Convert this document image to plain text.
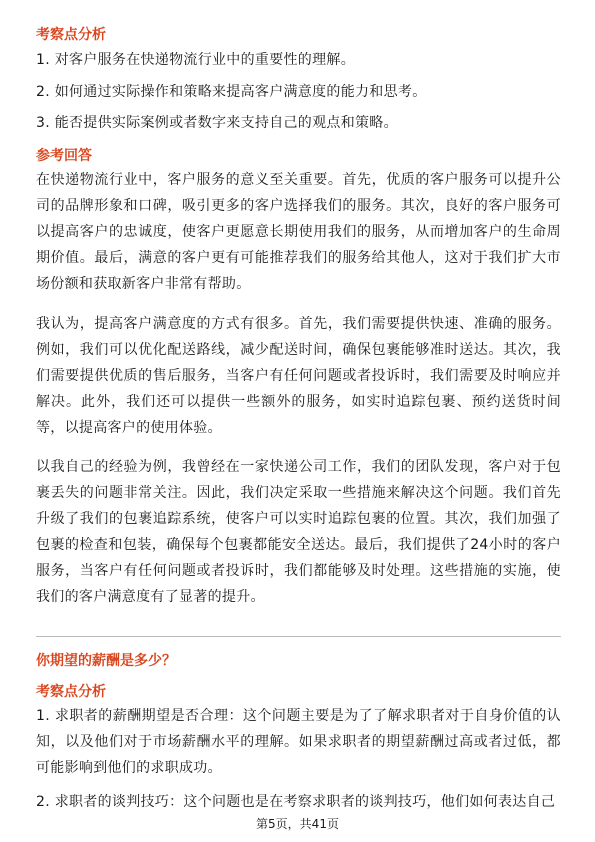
考察点分析
1. 对客户服务在快递物流行业中的重要性的理解。
2. 如何通过实际操作和策略来提高客户满意度的能力和思考。
3. 能否提供实际案例或者数字来支持自己的观点和策略。
参考回答
在快递物流行业中，客户服务的意义至关重要。首先，优质的客户服务可以提升公司的品牌形象和口碑，吸引更多的客户选择我们的服务。其次，良好的客户服务可以提高客户的忠诚度，使客户更愿意长期使用我们的服务，从而增加客户的生命周期价值。最后，满意的客户更有可能推荐我们的服务给其他人，这对于我们扩大市场份额和获取新客户非常有帮助。
我认为，提高客户满意度的方式有很多。首先，我们需要提供快速、准确的服务。例如，我们可以优化配送路线，减少配送时间，确保包裹能够准时送达。其次，我们需要提供优质的售后服务，当客户有任何问题或者投诉时，我们需要及时响应并解决。此外，我们还可以提供一些额外的服务，如实时追踪包裹、预约送货时间等，以提高客户的使用体验。
以我自己的经验为例，我曾经在一家快递公司工作，我们的团队发现，客户对于包裹丢失的问题非常关注。因此，我们决定采取一些措施来解决这个问题。我们首先升级了我们的包裹追踪系统，使客户可以实时追踪包裹的位置。其次，我们加强了包裹的检查和包装，确保每个包裹都能安全送达。最后，我们提供了24小时的客户服务，当客户有任何问题或者投诉时，我们都能够及时处理。这些措施的实施，使我们的客户满意度有了显著的提升。
你期望的薪酬是多少？
考察点分析
1. 求职者的薪酬期望是否合理：这个问题主要是为了了解求职者对于自身价值的认知，以及他们对于市场薪酬水平的理解。如果求职者的期望薪酬过高或者过低，都可能影响到他们的求职成功。
2. 求职者的谈判技巧：这个问题也是在考察求职者的谈判技巧，他们如何表达自己
第5页，共41页
